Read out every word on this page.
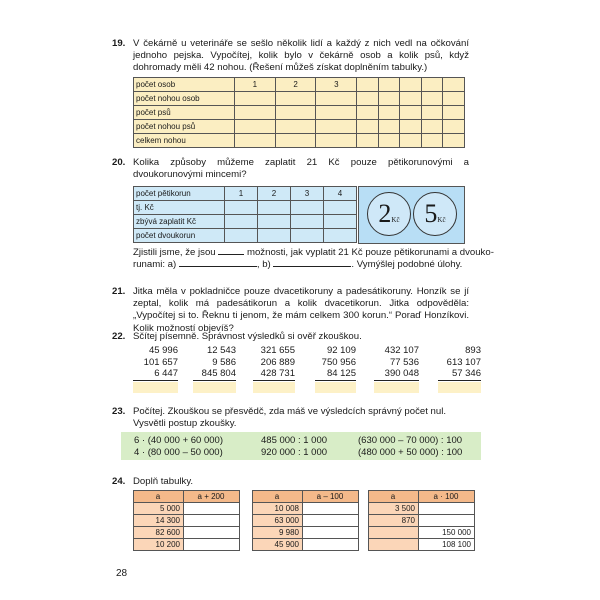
19. V čekárně u veterináře se sešlo několik lidí a každý z nich vedl na očkování jednoho pejska. Vypočítej, kolik bylo v čekárně osob a kolik psů, když dohromady měli 42 nohou. (Řešení můžeš získat doplněním tabulky.)
počet osob	1	2	3					
počet nohou osob								
počet psů								
počet nohou psů								
celkem nohou								
20. Kolika způsoby můžeme zaplatit 21 Kč pouze pětikorunovými a dvoukorunovými mincemi?
počet pětikorun	1	2	3	4
tj. Kč				
zbývá zaplatit Kč				
počet dvoukorun				
2Kč 5Kč
Zjistili jsme, že jsou	možnosti, jak vyplatit 21 Kč pouze pětikorunami a dvouko-
runami: a)	, b)	. Vymýšlej podobné úlohy.
21. Jitka měla v pokladničce pouze dvacetikoruny a padesátikoruny. Honzík se jí zeptal, kolik má padesátikorun a kolik dvacetikorun. Jitka odpověděla: „Vypočítej si to. Řeknu ti jenom, že mám celkem 300 korun.“ Poraď Honzíkovi. Kolik možností objevíš?
22. Sčítej písemně. Správnost výsledků si ověř zkouškou.
45 996
101 657
6 447
12 543
9 586
845 804
321 655
206 889
428 731
92 109
750 956
84 125
432 107
77 536
390 048
893
613 107
57 346
23. Počítej. Zkouškou se přesvědč, zda máš ve výsledcích správný počet nul. Vysvětli postup zkoušky.
6 · (40 000 + 60 000)	485 000 : 1 000	(630 000 – 70 000) : 100
4 · (80 000 – 50 000)	920 000 : 1 000	(480 000 + 50 000) : 100
24. Doplň tabulky.
a	a + 200
5 000	
14 300	
82 600	
10 200	
a	a – 100
10 008	
63 000	
9 980	
45 900	
a	a · 100
3 500	
870	
	150 000
	108 100
28
